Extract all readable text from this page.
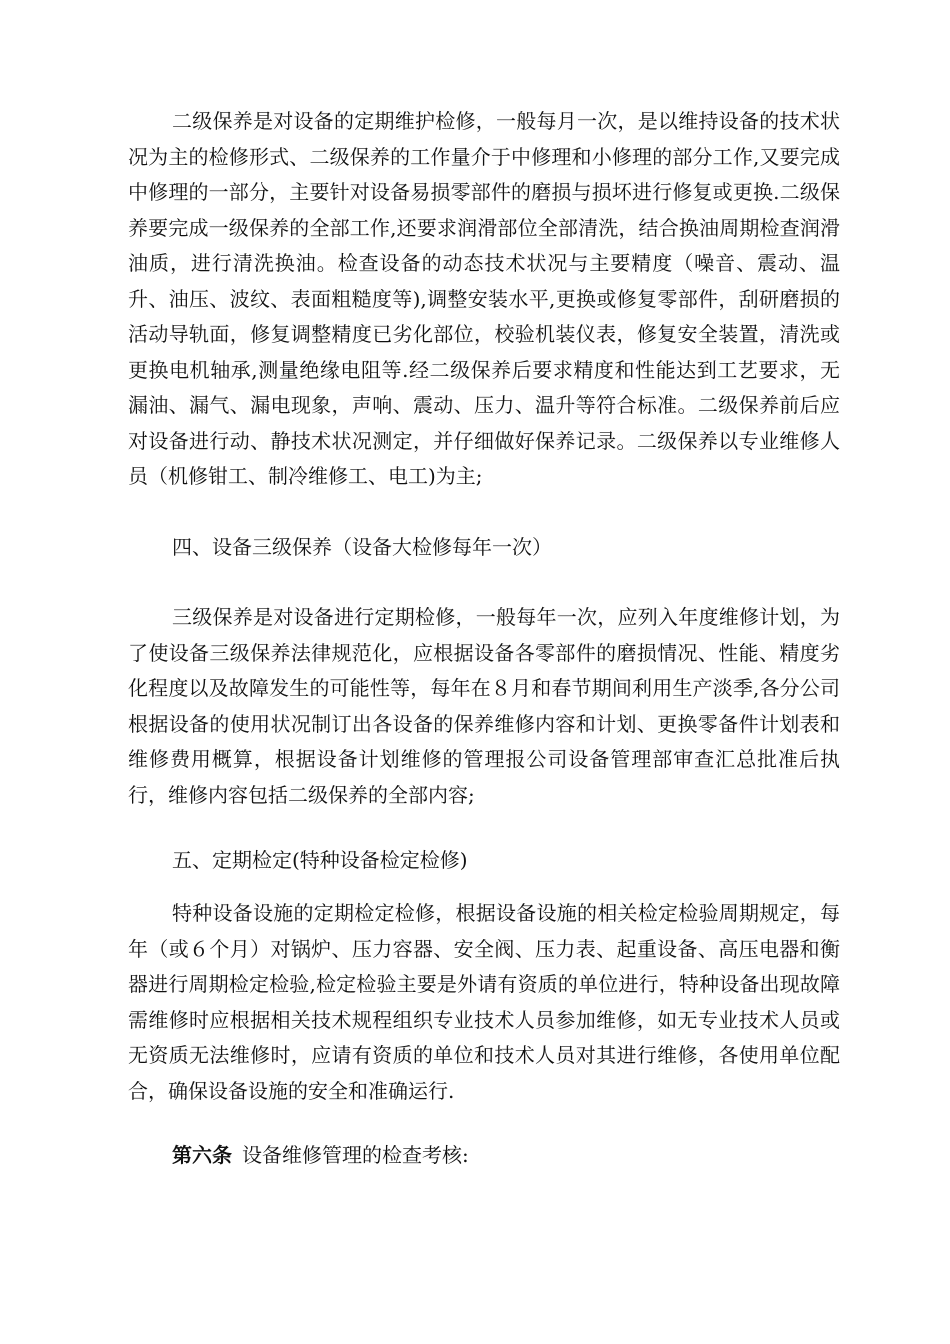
二级保养是对设备的定期维护检修，一般每月一次，是以维持设备的技术状况为主的检修形式、二级保养的工作量介于中修理和小修理的部分工作,又要完成中修理的一部分，主要针对设备易损零部件的磨损与损坏进行修复或更换.二级保养要完成一级保养的全部工作,还要求润滑部位全部清洗，结合换油周期检查润滑油质，进行清洗换油。检查设备的动态技术状况与主要精度（噪音、震动、温升、油压、波纹、表面粗糙度等),调整安装水平,更换或修复零部件，刮研磨损的活动导轨面，修复调整精度已劣化部位，校验机装仪表，修复安全装置，清洗或更换电机轴承,测量绝缘电阻等.经二级保养后要求精度和性能达到工艺要求，无漏油、漏气、漏电现象，声响、震动、压力、温升等符合标准。二级保养前后应对设备进行动、静技术状况测定，并仔细做好保养记录。二级保养以专业维修人员（机修钳工、制冷维修工、电工)为主;

四、设备三级保养（设备大检修每年一次）

三级保养是对设备进行定期检修，一般每年一次，应列入年度维修计划，为了使设备三级保养法律规范化，应根据设备各零部件的磨损情况、性能、精度劣化程度以及故障发生的可能性等，每年在８月和春节期间利用生产淡季,各分公司根据设备的使用状况制订出各设备的保养维修内容和计划、更换零备件计划表和维修费用概算，根据设备计划维修的管理报公司设备管理部审查汇总批准后执行，维修内容包括二级保养的全部内容;

五、定期检定(特种设备检定检修)

特种设备设施的定期检定检修，根据设备设施的相关检定检验周期规定，每年（或６个月）对锅炉、压力容器、安全阀、压力表、起重设备、高压电器和衡器进行周期检定检验,检定检验主要是外请有资质的单位进行，特种设备出现故障需维修时应根据相关技术规程组织专业技术人员参加维修，如无专业技术人员或无资质无法维修时，应请有资质的单位和技术人员对其进行维修，各使用单位配合，确保设备设施的安全和准确运行.

第六条 设备维修管理的检查考核:
